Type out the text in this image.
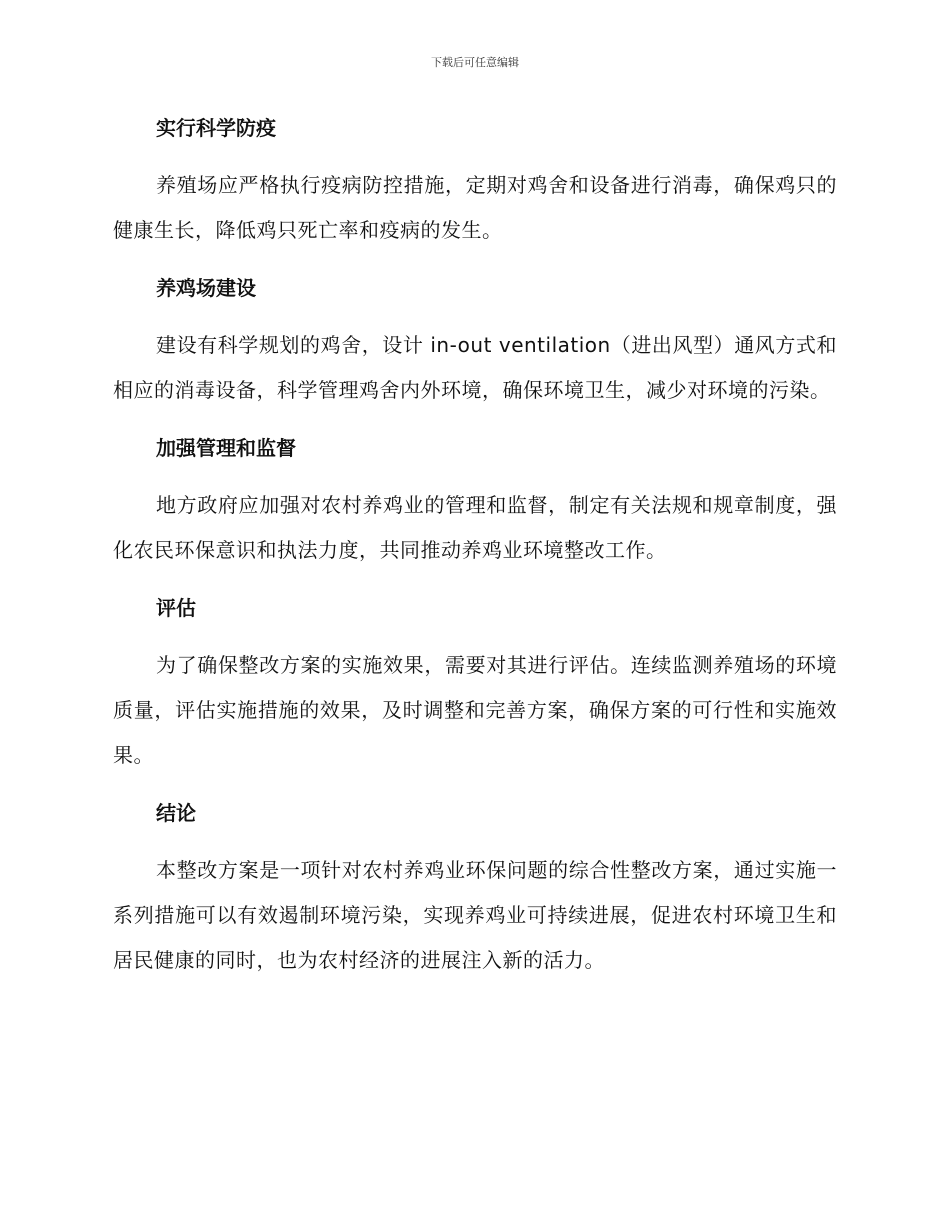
下载后可任意编辑
实行科学防疫

养殖场应严格执行疫病防控措施，定期对鸡舍和设备进行消毒，确保鸡只的健康生长，降低鸡只死亡率和疫病的发生。

养鸡场建设

建设有科学规划的鸡舍，设计 in-out ventilation（进出风型）通风方式和相应的消毒设备，科学管理鸡舍内外环境，确保环境卫生，减少对环境的污染。

加强管理和监督

地方政府应加强对农村养鸡业的管理和监督，制定有关法规和规章制度，强化农民环保意识和执法力度，共同推动养鸡业环境整改工作。

评估

为了确保整改方案的实施效果，需要对其进行评估。连续监测养殖场的环境质量，评估实施措施的效果，及时调整和完善方案，确保方案的可行性和实施效果。

结论

本整改方案是一项针对农村养鸡业环保问题的综合性整改方案，通过实施一系列措施可以有效遏制环境污染，实现养鸡业可持续进展，促进农村环境卫生和居民健康的同时，也为农村经济的进展注入新的活力。
